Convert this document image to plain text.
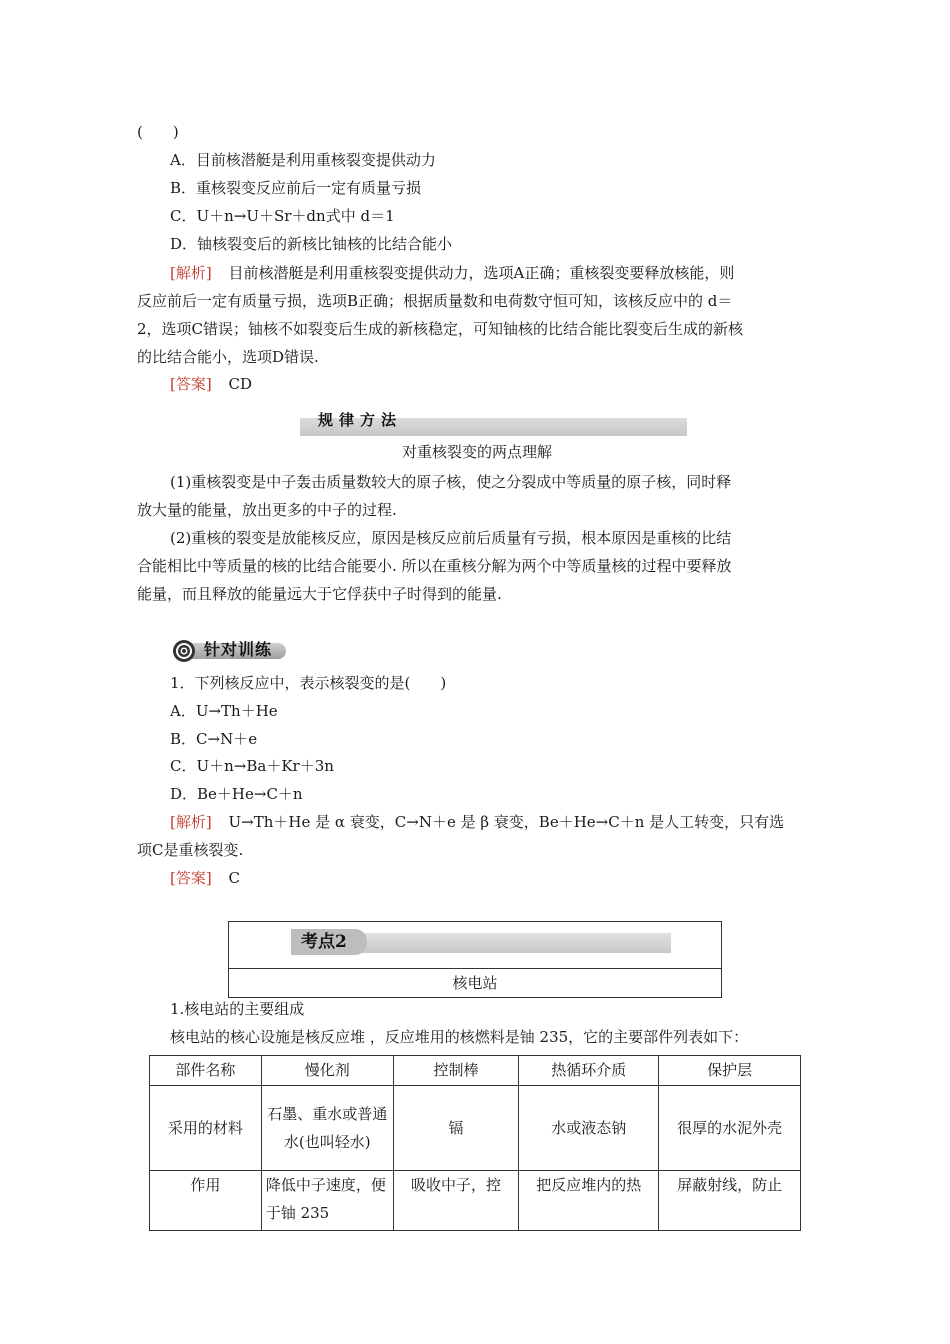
(　　)
A．目前核潜艇是利用重核裂变提供动力
B．重核裂变反应前后一定有质量亏损
C．U＋n→U＋Sr＋dn式中 d＝1
D．铀核裂变后的新核比铀核的比结合能小
[解析] 目前核潜艇是利用重核裂变提供动力，选项A正确；重核裂变要释放核能，则
反应前后一定有质量亏损，选项B正确；根据质量数和电荷数守恒可知，该核反应中的 d＝
2，选项C错误；铀核不如裂变后生成的新核稳定，可知铀核的比结合能比裂变后生成的新核
的比结合能小，选项D错误.
[答案] CD
规律方法
对重核裂变的两点理解
(1)重核裂变是中子轰击质量数较大的原子核，使之分裂成中等质量的原子核，同时释
放大量的能量，放出更多的中子的过程.
(2)重核的裂变是放能核反应，原因是核反应前后质量有亏损，根本原因是重核的比结
合能相比中等质量的核的比结合能要小. 所以在重核分解为两个中等质量核的过程中要释放
能量，而且释放的能量远大于它俘获中子时得到的能量.
针对训练
1．下列核反应中，表示核裂变的是(　　)
A．U→Th＋He
B．C→N＋e
C．U＋n→Ba＋Kr＋3n
D．Be＋He→C＋n
[解析] U→Th＋He 是 α 衰变，C→N＋e 是 β 衰变，Be＋He→C＋n 是人工转变，只有选
项C是重核裂变.
[答案] C
考点2
核电站
1.核电站的主要组成
核电站的核心设施是核反应堆 ，反应堆用的核燃料是铀 235，它的主要部件列表如下：
部件名称	慢化剂	控制棒	热循环介质	保护层
采用的材料	石墨、重水或普通水(也叫轻水)	镉	水或液态钠	很厚的水泥外壳
作用	降低中子速度，便于铀 235	吸收中子，控	把反应堆内的热	屏蔽射线，防止
